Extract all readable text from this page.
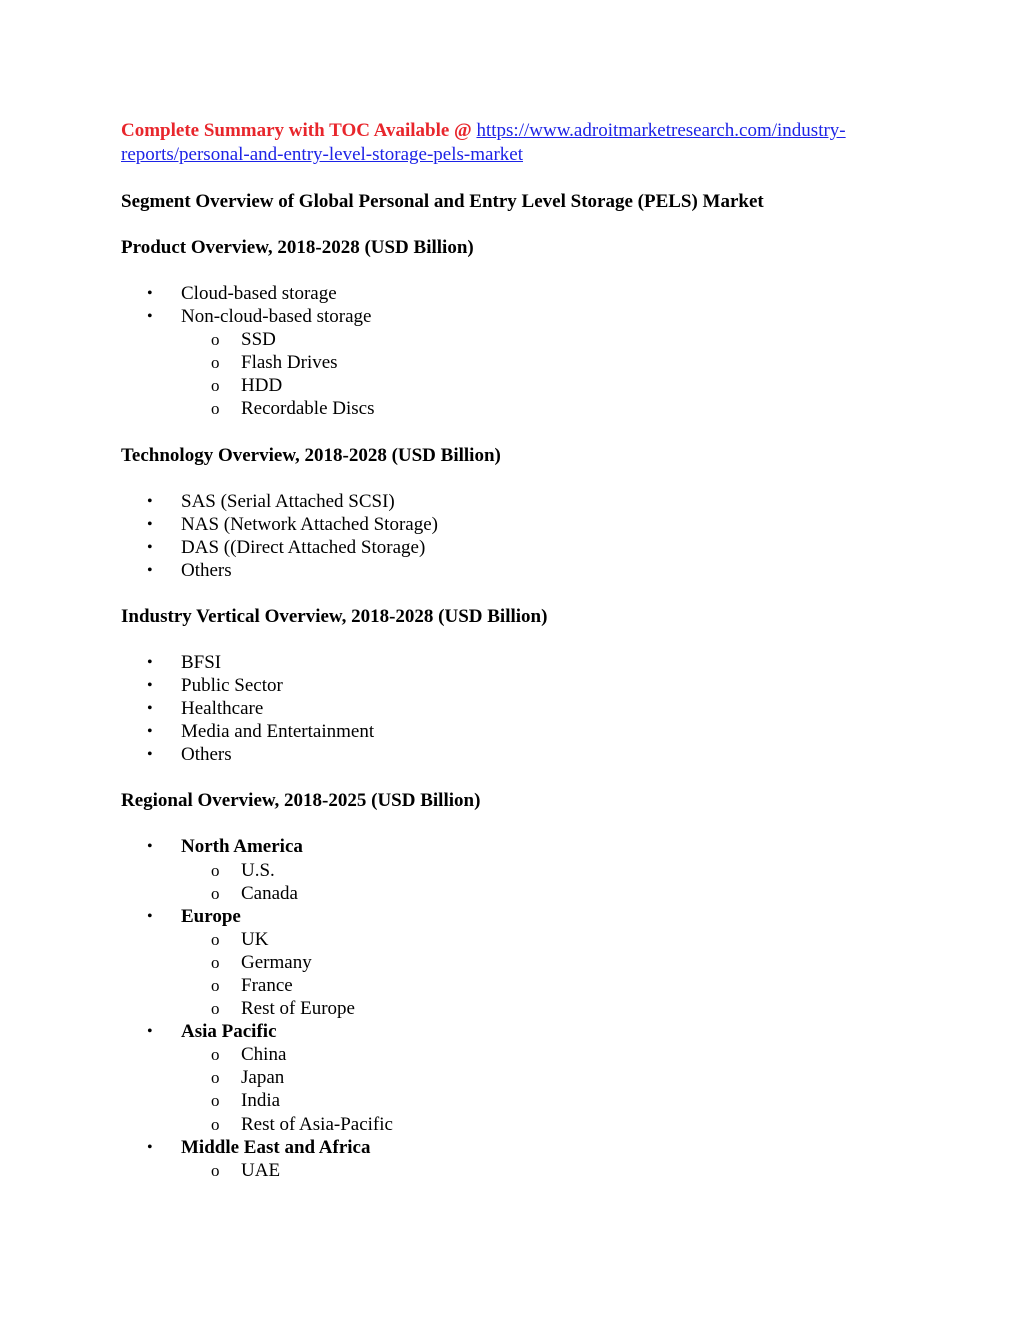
Complete Summary with TOC Available @ https://www.adroitmarketresearch.com/industry-
reports/personal-and-entry-level-storage-pels-market

Segment Overview of Global Personal and Entry Level Storage (PELS) Market

Product Overview, 2018-2028 (USD Billion)

• Cloud-based storage
• Non-cloud-based storage
o SSD
o Flash Drives
o HDD
o Recordable Discs

Technology Overview, 2018-2028 (USD Billion)

• SAS (Serial Attached SCSI)
• NAS (Network Attached Storage)
• DAS ((Direct Attached Storage)
• Others

Industry Vertical Overview, 2018-2028 (USD Billion)

• BFSI
• Public Sector
• Healthcare
• Media and Entertainment
• Others

Regional Overview, 2018-2025 (USD Billion)

• North America
o U.S.
o Canada
• Europe
o UK
o Germany
o France
o Rest of Europe
• Asia Pacific
o China
o Japan
o India
o Rest of Asia-Pacific
• Middle East and Africa
o UAE
